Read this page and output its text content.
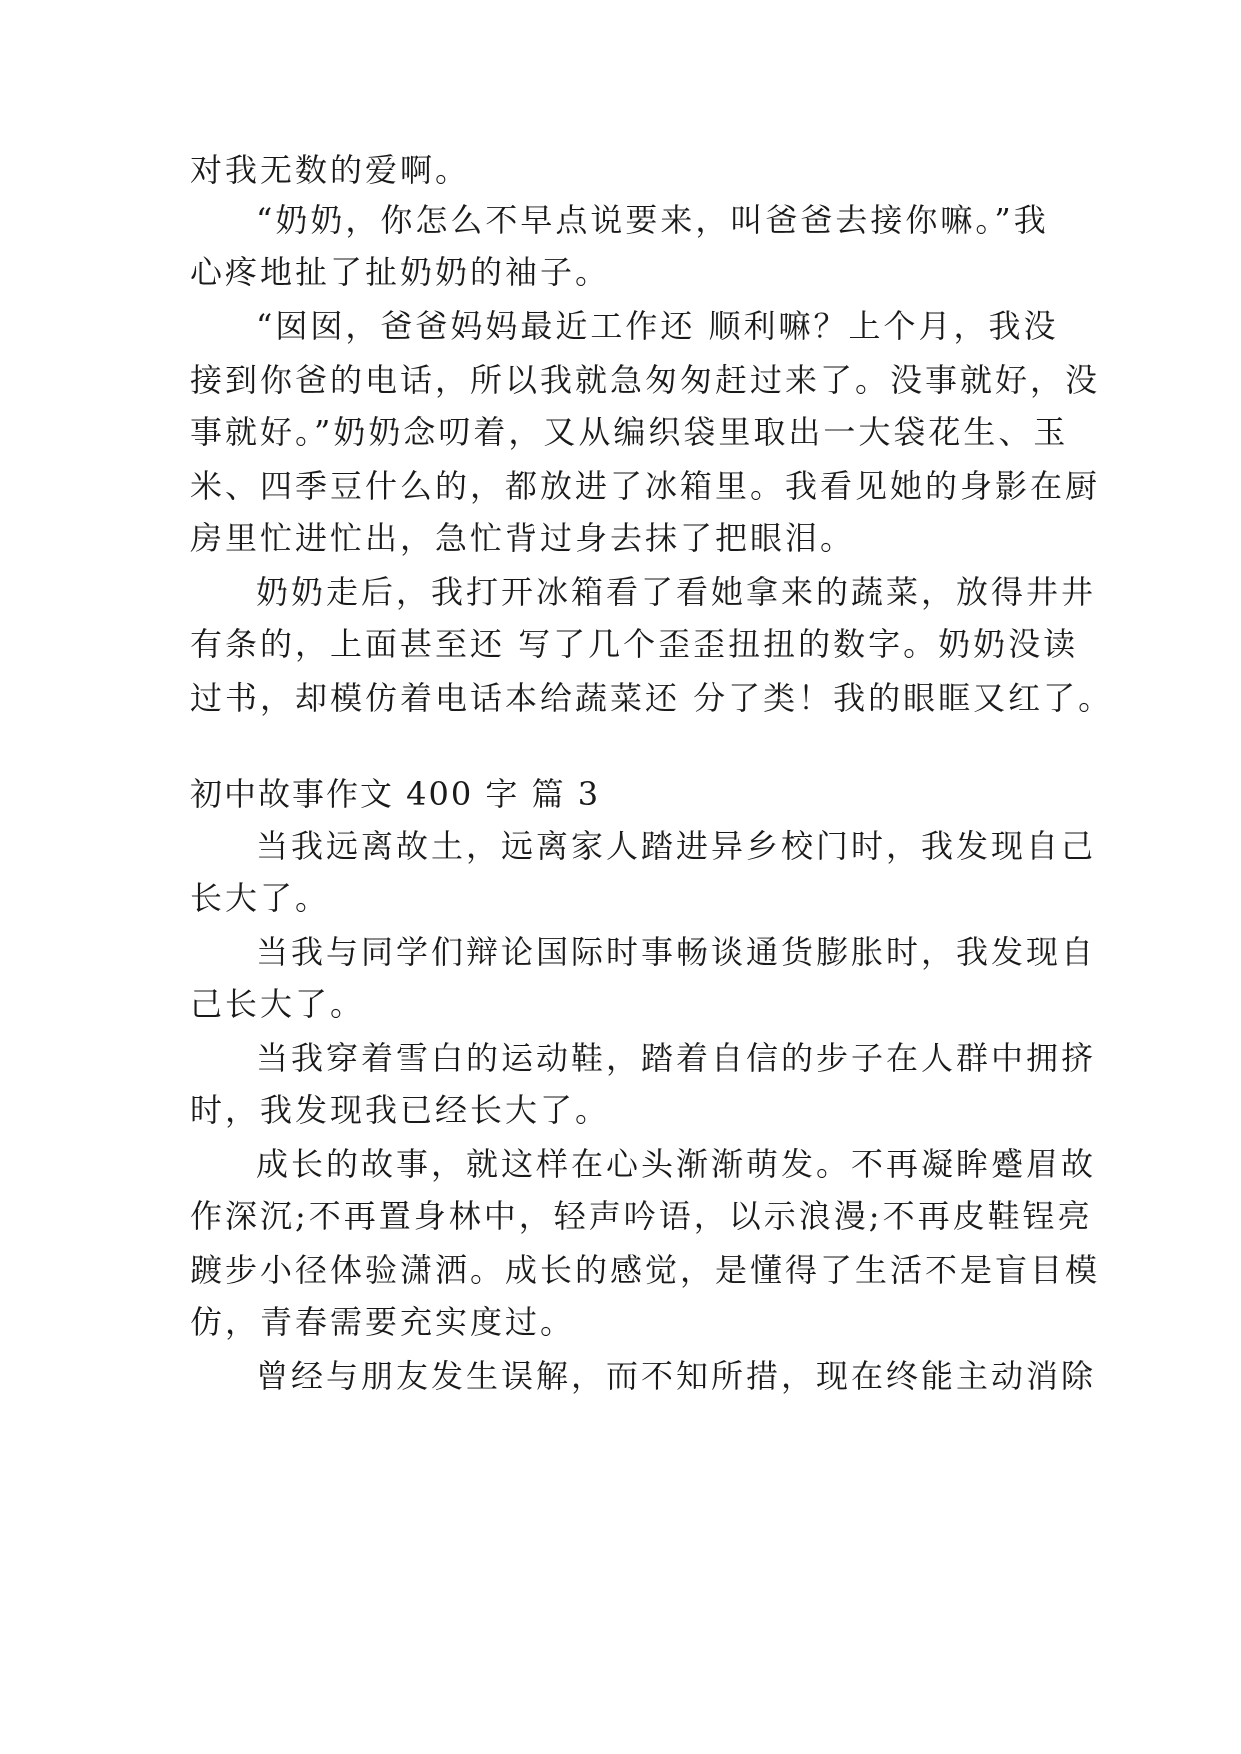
对我无数的爱啊。
“奶奶，你怎么不早点说要来，叫爸爸去接你嘛。”我
心疼地扯了扯奶奶的袖子。
“囡囡，爸爸妈妈最近工作还 顺利嘛？上个月，我没
接到你爸的电话，所以我就急匆匆赶过来了。没事就好，没
事就好。”奶奶念叨着，又从编织袋里取出一大袋花生、玉
米、四季豆什么的，都放进了冰箱里。我看见她的身影在厨
房里忙进忙出，急忙背过身去抹了把眼泪。
奶奶走后，我打开冰箱看了看她拿来的蔬菜，放得井井
有条的，上面甚至还 写了几个歪歪扭扭的数字。奶奶没读
过书，却模仿着电话本给蔬菜还 分了类！我的眼眶又红了。
初中故事作文 400 字 篇 3
当我远离故土，远离家人踏进异乡校门时，我发现自己
长大了。
当我与同学们辩论国际时事畅谈通货膨胀时，我发现自
己长大了。
当我穿着雪白的运动鞋，踏着自信的步子在人群中拥挤
时，我发现我已经长大了。
成长的故事，就这样在心头渐渐萌发。不再凝眸蹙眉故
作深沉;不再置身林中，轻声吟语，以示浪漫;不再皮鞋锃亮
踱步小径体验潇洒。成长的感觉，是懂得了生活不是盲目模
仿，青春需要充实度过。
曾经与朋友发生误解，而不知所措，现在终能主动消除
